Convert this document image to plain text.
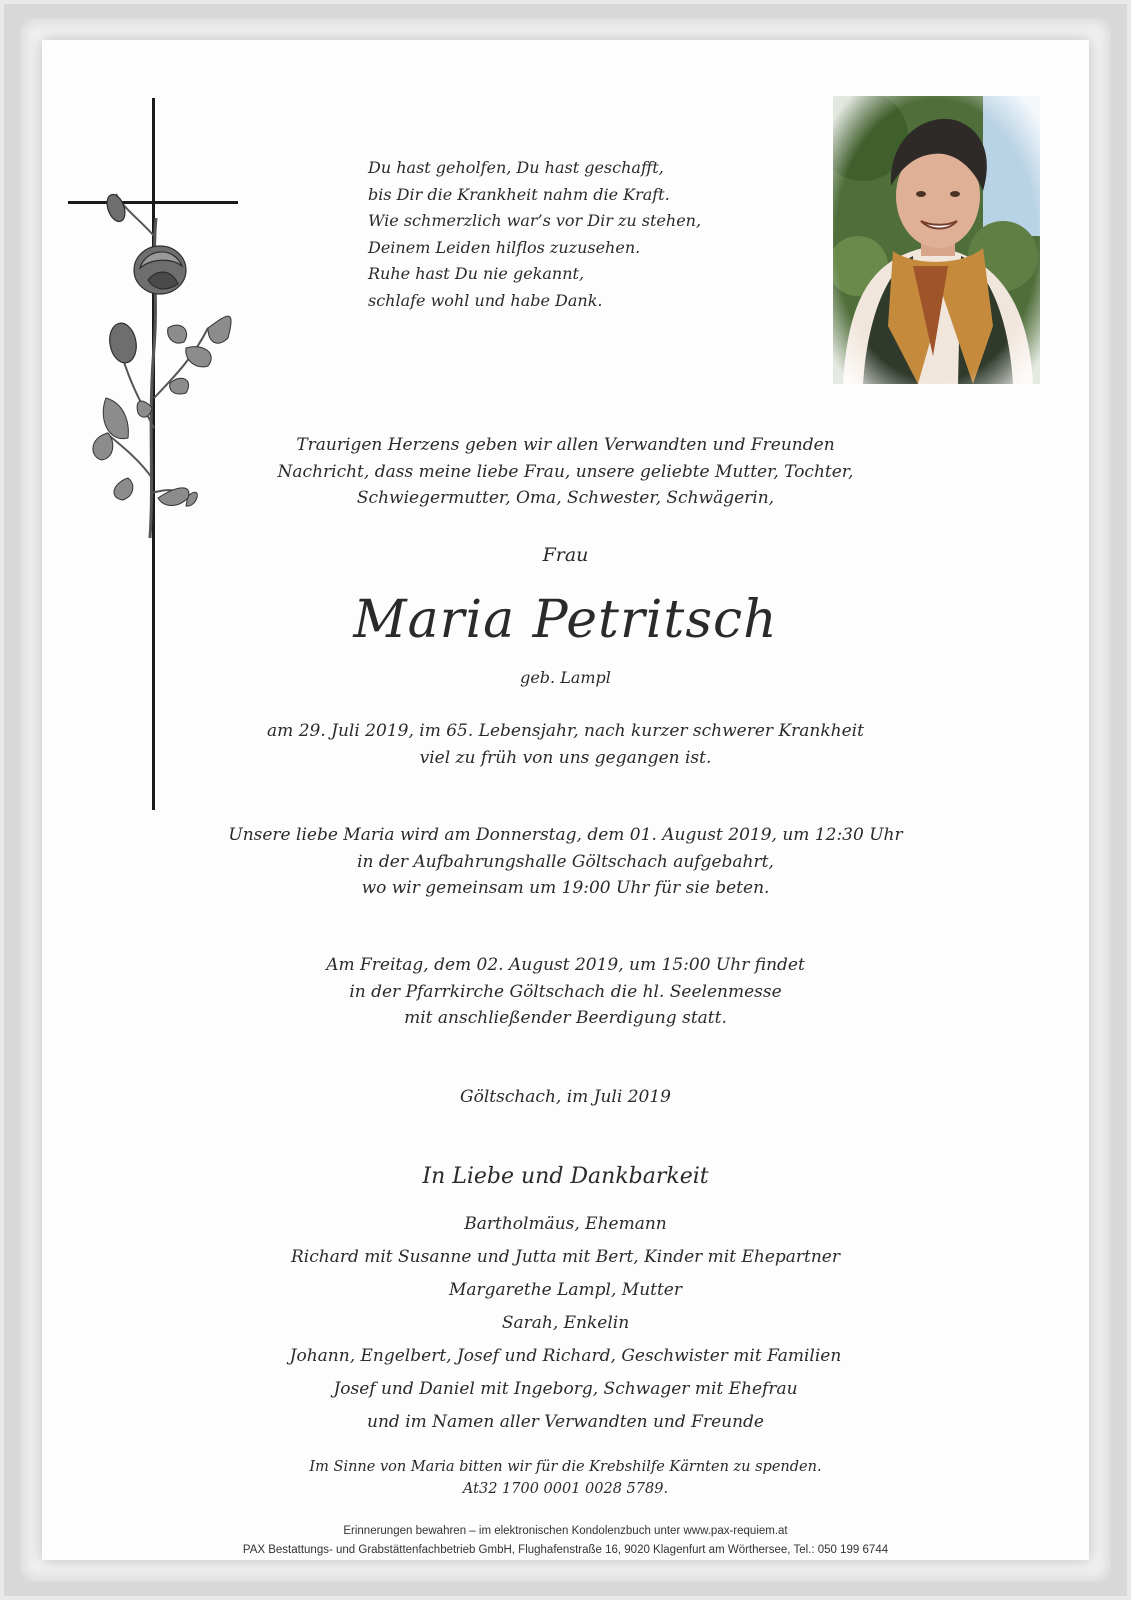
Du hast geholfen, Du hast geschafft,
bis Dir die Krankheit nahm die Kraft.
Wie schmerzlich war’s vor Dir zu stehen,
Deinem Leiden hilflos zuzusehen.
Ruhe hast Du nie gekannt,
schlafe wohl und habe Dank.
Traurigen Herzens geben wir allen Verwandten und Freunden
Nachricht, dass meine liebe Frau, unsere geliebte Mutter, Tochter,
Schwiegermutter, Oma, Schwester, Schwägerin,
Frau
Maria Petritsch
geb. Lampl
am 29. Juli 2019, im 65. Lebensjahr, nach kurzer schwerer Krankheit
viel zu früh von uns gegangen ist.
Unsere liebe Maria wird am Donnerstag, dem 01. August 2019, um 12:30 Uhr
in der Aufbahrungshalle Göltschach aufgebahrt,
wo wir gemeinsam um 19:00 Uhr für sie beten.
Am Freitag, dem 02. August 2019, um 15:00 Uhr findet
in der Pfarrkirche Göltschach die hl. Seelenmesse
mit anschließender Beerdigung statt.
Göltschach, im Juli 2019
In Liebe und Dankbarkeit
Bartholmäus, Ehemann
Richard mit Susanne und Jutta mit Bert, Kinder mit Ehepartner
Margarethe Lampl, Mutter
Sarah, Enkelin
Johann, Engelbert, Josef und Richard, Geschwister mit Familien
Josef und Daniel mit Ingeborg, Schwager mit Ehefrau
und im Namen aller Verwandten und Freunde
Im Sinne von Maria bitten wir für die Krebshilfe Kärnten zu spenden.
At32 1700 0001 0028 5789.
Erinnerungen bewahren – im elektronischen Kondolenzbuch unter www.pax-requiem.at
PAX Bestattungs- und Grabstättenfachbetrieb GmbH, Flughafenstraße 16, 9020 Klagenfurt am Wörthersee, Tel.: 050 199 6744
